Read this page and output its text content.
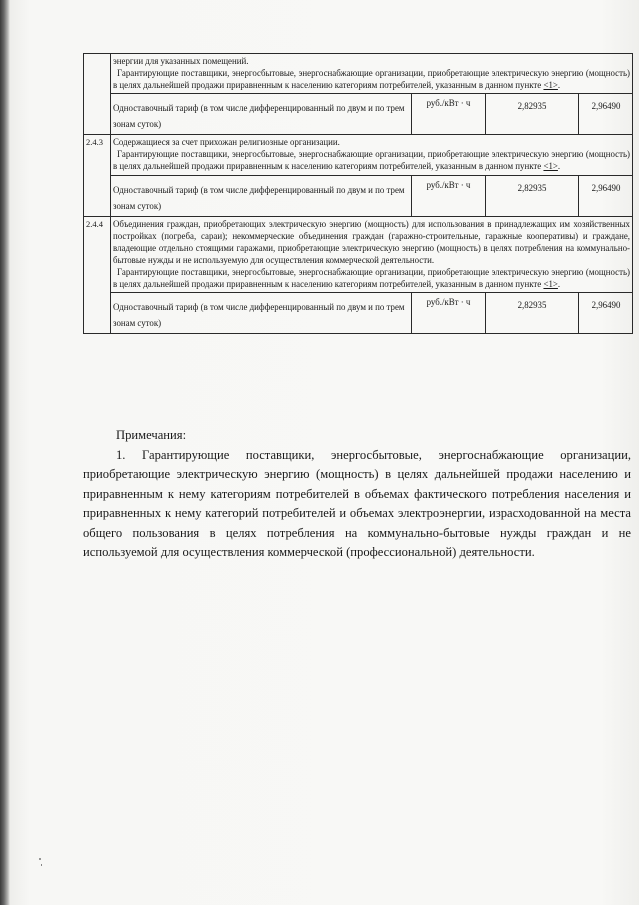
энергии для указанных помещений.

Гарантирующие поставщики, энергосбытовые, энергоснабжающие организации, приобретающие электрическую энергию (мощность) в целях дальнейшей продажи приравненным к населению категориям потребителей, указанным в данном пункте <1>.

Одноставочный тариф (в том числе дифференцированный по двум и по трем зонам суток)	руб./кВт · ч	2,82935	2,96490

2.4.3	Содержащиеся за счет прихожан религиозные организации.

Гарантирующие поставщики, энергосбытовые, энергоснабжающие организации, приобретающие электрическую энергию (мощность) в целях дальнейшей продажи приравненным к населению категориям потребителей, указанным в данном пункте <1>.

Одноставочный тариф (в том числе дифференцированный по двум и по трем зонам суток)	руб./кВт · ч	2,82935	2,96490

2.4.4	Объединения граждан, приобретающих электрическую энергию (мощность) для использования в принадлежащих им хозяйственных постройках (погреба, сараи); некоммерческие объединения граждан (гаражно-строительные, гаражные кооперативы) и граждане, владеющие отдельно стоящими гаражами, приобретающие электрическую энергию (мощность) в целях потребления на коммунально-бытовые нужды и не используемую для осуществления коммерческой деятельности.

Гарантирующие поставщики, энергосбытовые, энергоснабжающие организации, приобретающие электрическую энергию (мощность) в целях дальнейшей продажи приравненным к населению категориям потребителей, указанным в данном пункте <1>.

Одноставочный тариф (в том числе дифференцированный по двум и по трем зонам суток)	руб./кВт · ч	2,82935	2,96490

Примечания:

1. Гарантирующие поставщики, энергосбытовые, энергоснабжающие организации, приобретающие электрическую энергию (мощность) в целях дальнейшей продажи населению и приравненным к нему категориям потребителей в объемах фактического потребления населения и приравненных к нему категорий потребителей и объемах электроэнергии, израсходованной на места общего пользования в целях потребления на коммунально-бытовые нужды граждан и не используемой для осуществления коммерческой (профессиональной) деятельности.
